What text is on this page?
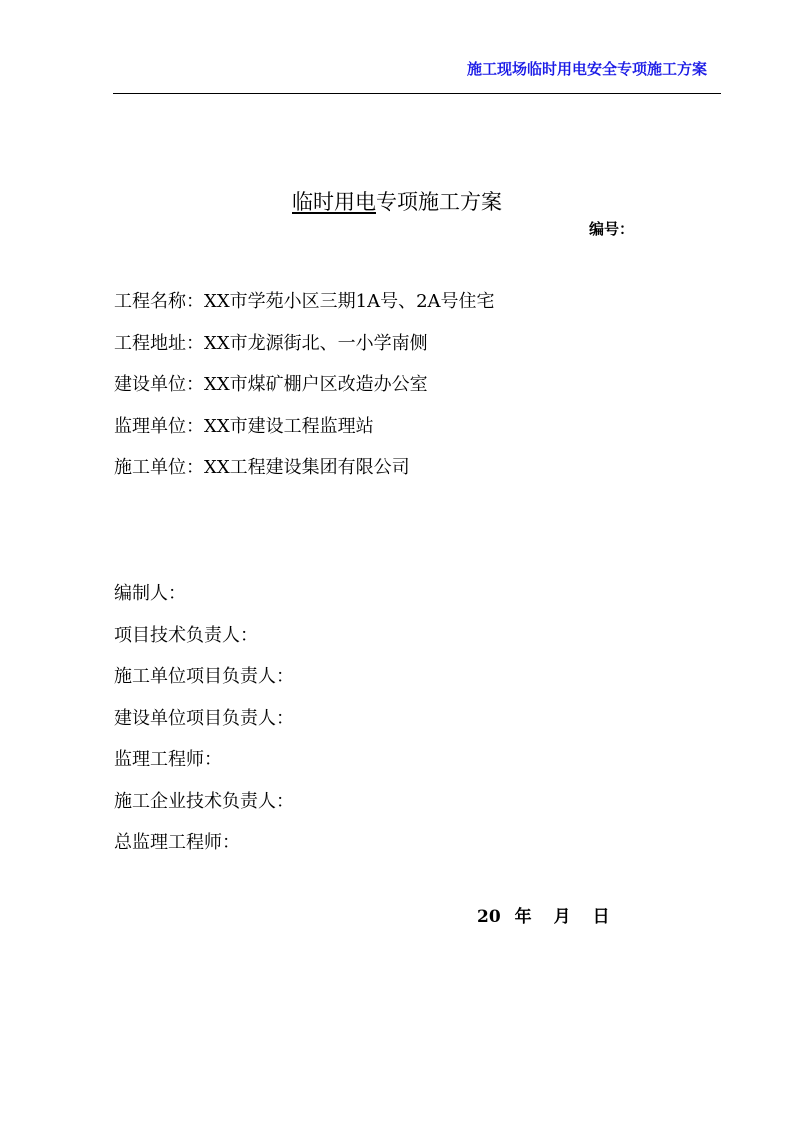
施工现场临时用电安全专项施工方案
临时用电专项施工方案
编号：
工程名称：XX市学苑小区三期1A号、2A号住宅
工程地址：XX市龙源街北、一小学南侧
建设单位：XX市煤矿棚户区改造办公室
监理单位：XX市建设工程监理站
施工单位：XX工程建设集团有限公司
编制人：
项目技术负责人：
施工单位项目负责人：
建设单位项目负责人：
监理工程师：
施工企业技术负责人：
总监理工程师：
20 年 月 日
